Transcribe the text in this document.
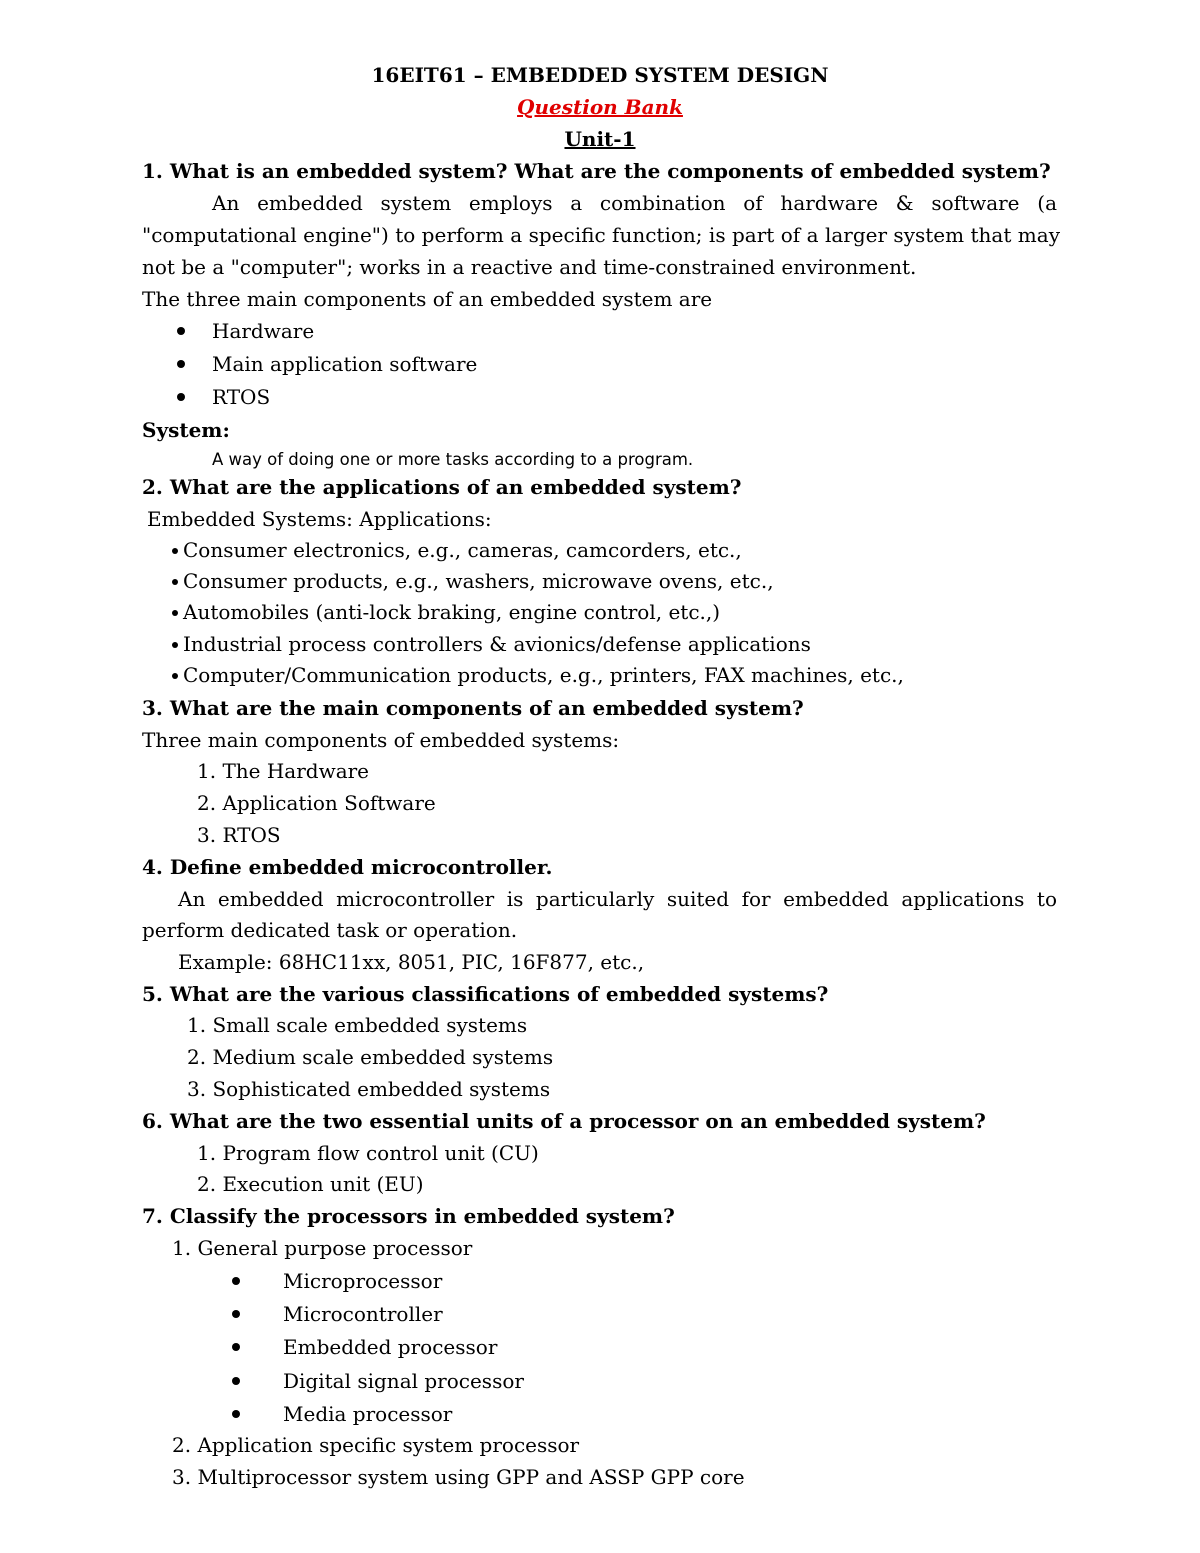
16EIT61 – EMBEDDED SYSTEM DESIGN
Question Bank
Unit-1
1. What is an embedded system? What are the components of embedded system?
An embedded system employs a combination of hardware & software (a
"computational engine") to perform a specific function; is part of a larger system that may
not be a "computer"; works in a reactive and time-constrained environment.
The three main components of an embedded system are
Hardware
Main application software
RTOS
System:
A way of doing one or more tasks according to a program.
2. What are the applications of an embedded system?
Embedded Systems: Applications:
Consumer electronics, e.g., cameras, camcorders, etc.,
Consumer products, e.g., washers, microwave ovens, etc.,
Automobiles (anti-lock braking, engine control, etc.,)
Industrial process controllers & avionics/defense applications
Computer/Communication products, e.g., printers, FAX machines, etc.,
3. What are the main components of an embedded system?
Three main components of embedded systems:
1. The Hardware
2. Application Software
3. RTOS
4. Define embedded microcontroller.
An embedded microcontroller is particularly suited for embedded applications to
perform dedicated task or operation.
Example: 68HC11xx, 8051, PIC, 16F877, etc.,
5. What are the various classifications of embedded systems?
1. Small scale embedded systems
2. Medium scale embedded systems
3. Sophisticated embedded systems
6. What are the two essential units of a processor on an embedded system?
1. Program flow control unit (CU)
2. Execution unit (EU)
7. Classify the processors in embedded system?
1. General purpose processor
Microprocessor
Microcontroller
Embedded processor
Digital signal processor
Media processor
2. Application specific system processor
3. Multiprocessor system using GPP and ASSP GPP core
